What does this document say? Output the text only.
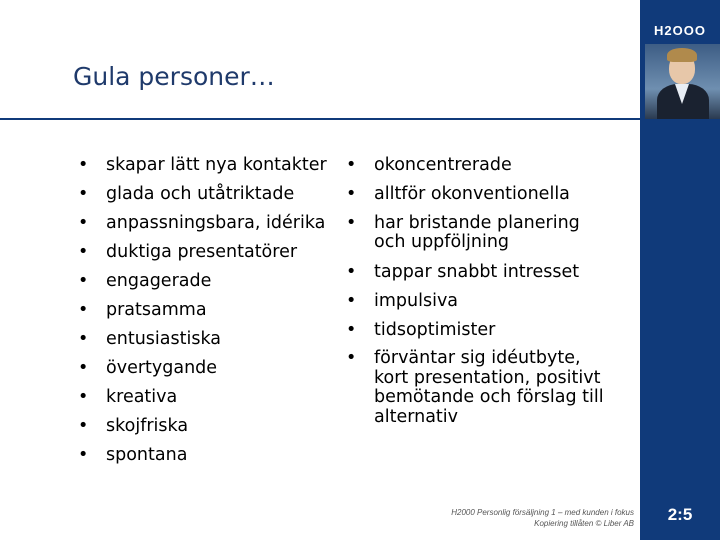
H2OOO
Gula personer…
• skapar lätt nya kontakter
• glada och utåtriktade
• anpassningsbara, idérika
• duktiga presentatörer
• engagerade
• pratsamma
• entusiastiska
• övertygande
• kreativa
• skojfriska
• spontana
• okoncentrerade
• alltför okonventionella
• har bristande planering
och uppföljning
• tappar snabbt intresset
• impulsiva
• tidsoptimister
• förväntar sig idéutbyte,
kort presentation, positivt
bemötande och förslag till
alternativ
H2000 Personlig försäljning 1 – med kunden i fokus
Kopiering tillåten © Liber AB	2:5
